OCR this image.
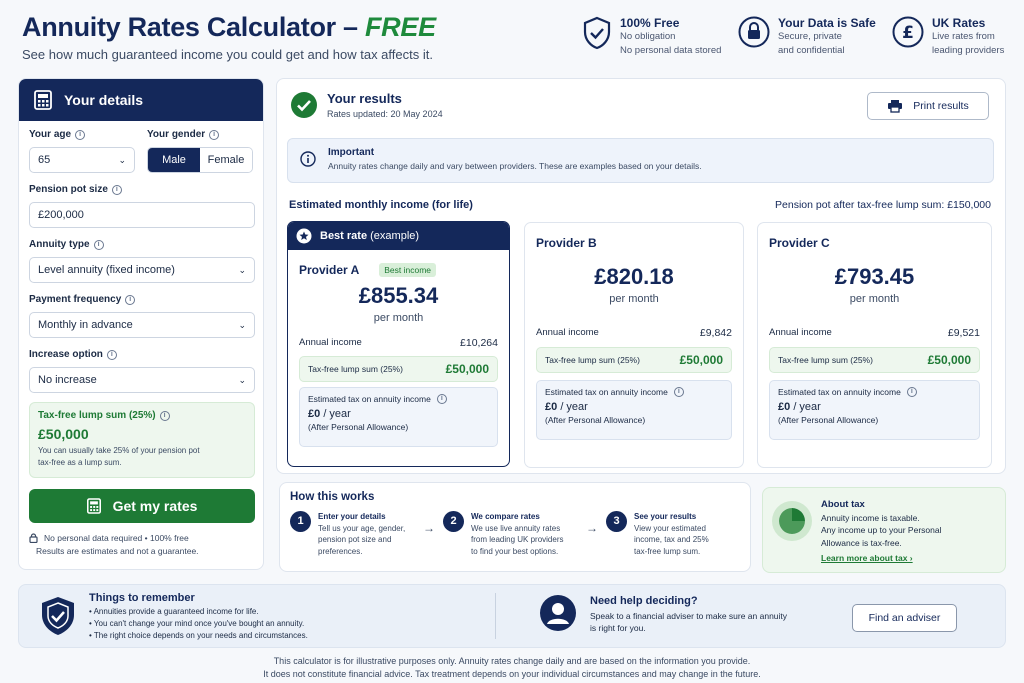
Annuity Rates Calculator – FREE
See how much guaranteed income you could get and how tax affects it.
100% Free
No obligation
No personal data stored
Your Data is Safe
Secure, private
and confidential
£ UK Rates
Live rates from
leading providers
Your details
Your age	i
65	⌄
Your gender	i
Male	Female
Pension pot size	i
£200,000
Annuity type	i
Level annuity (fixed income)	⌄
Payment frequency	i
Monthly in advance	⌄
Increase option	i
No increase	⌄
Tax-free lump sum (25%)	i
£50,000
You can usually take 25% of your pension pot
tax-free as a lump sum.
Get my rates
No personal data required • 100% free
Results are estimates and not a guarantee.
Your results
Rates updated: 20 May 2024
Print results
Important
Annuity rates change daily and vary between providers. These are examples based on your details.
Estimated monthly income (for life)	Pension pot after tax-free lump sum: £150,000
Best rate (example)
Provider A	Best income
£855.34
per month
Annual income	£10,264
Tax-free lump sum (25%)	£50,000
Estimated tax on annuity income	i
£0 / year
(After Personal Allowance)
Provider B
£820.18
per month
Annual income	£9,842
Tax-free lump sum (25%)	£50,000
Estimated tax on annuity income	i
£0 / year
(After Personal Allowance)
Provider C
£793.45
per month
Annual income	£9,521
Tax-free lump sum (25%)	£50,000
Estimated tax on annuity income	i
£0 / year
(After Personal Allowance)
How this works
1	Enter your details
Tell us your age, gender,
pension pot size and
preferences.
→
2	We compare rates
We use live annuity rates
from leading UK providers
to find your best options.
→
3	See your results
View your estimated
income, tax and 25%
tax-free lump sum.
About tax
Annuity income is taxable.
Any income up to your Personal
Allowance is tax-free.
Learn more about tax ›
Things to remember
• Annuities provide a guaranteed income for life.
• You can't change your mind once you've bought an annuity.
• The right choice depends on your needs and circumstances.
Need help deciding?
Speak to a financial adviser to make sure an annuity
is right for you.
Find an adviser
This calculator is for illustrative purposes only. Annuity rates change daily and are based on the information you provide.
It does not constitute financial advice. Tax treatment depends on your individual circumstances and may change in the future.
